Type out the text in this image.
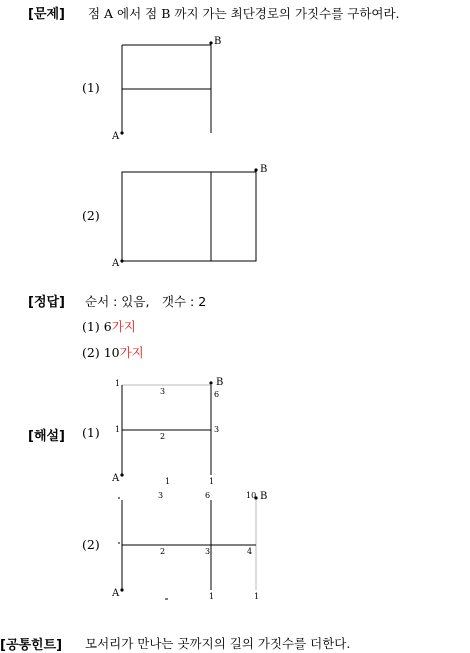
[문제] 점 A 에서 점 B 까지 가는 최단경로의 가짓수를 구하여라.
(1)
B
A
(2)
B
A
[정답] 순서 : 있음,　갯수 : 2
(1) 6가지
(2) 10가지
[해설] (1)
B
A
1
3	6
1
2
3
1	1
(2)
3	6	10 B
2	3	4
A	1	1
[공통힌트] 모서리가 만나는 곳까지의 길의 가짓수를 더한다.
